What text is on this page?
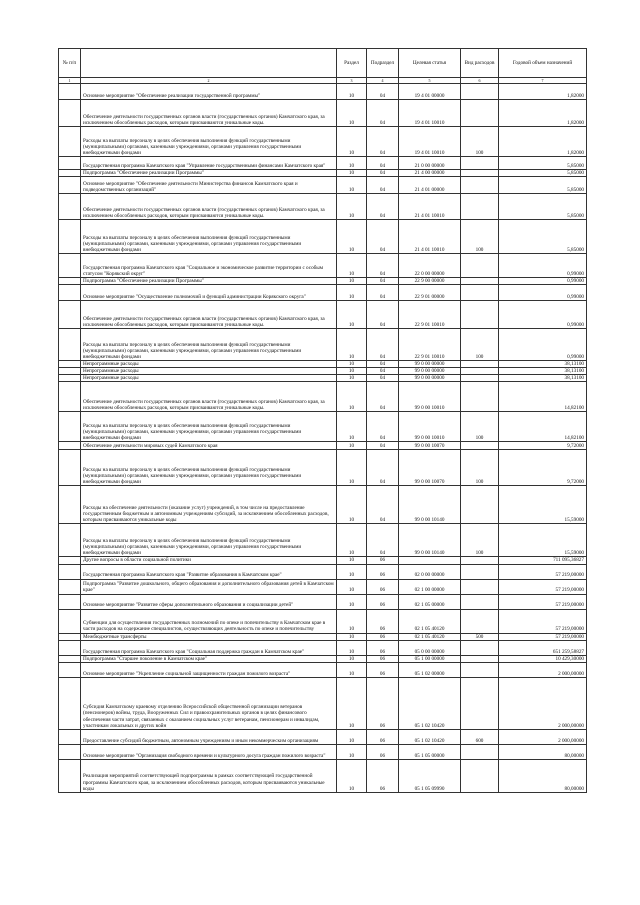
№ п/п		Раздел	Подраздел	Целевая статья	Вид расходов	Годовой объем назначений
1	2	3	4	5	6	7
	Основное мероприятие "Обеспечение реализации государственной программы"	10	04	19 4 01 00000		1,82000
	Обеспечение деятельности государственных органов власти (государственных органов) Камчатского края, за исключением обособленных расходов, которым присваиваются уникальные коды.	10	04	19 4 01 10010		1,82000
	Расходы на выплаты персоналу в целях обеспечения выполнения функций государственными (муниципальными) органами, казенными учреждениями, органами управления государственными внебюджетными фондами	10	04	19 4 01 10010	100	1,82000
	Государственная программа Камчатского края "Управление государственными финансами Камчатского края"	10	04	21 0 00 00000		5,85000
	Подпрограмма "Обеспечение реализации Программы"	10	04	21 4 00 00000		5,85000
	Основное мероприятие "Обеспечение деятельности Министерства финансов Камчатского края и подведомственных организаций"	10	04	21 4 01 00000		5,85000
	Обеспечение деятельности государственных органов власти (государственных органов) Камчатского края, за исключением обособленных расходов, которым присваиваются уникальные коды.	10	04	21 4 01 10010		5,85000
	Расходы на выплаты персоналу в целях обеспечения выполнения функций государственными (муниципальными) органами, казенными учреждениями, органами управления государственными внебюджетными фондами	10	04	21 4 01 10010	100	5,85000
	Государственная программа Камчатского края "Социальное и экономическое развитие территории с особым статусом "Корякский округ"	10	04	22 0 00 00000		0,99000
	Подпрограмма "Обеспечение реализации Программы"	10	04	22 9 00 00000		0,99000
	Основное мероприятие "Осуществление полномочий и функций администрации Корякского округа"	10	04	22 9 01 00000		0,99000
	Обеспечение деятельности государственных органов власти (государственных органов) Камчатского края, за исключением обособленных расходов, которым присваиваются уникальные коды.	10	04	22 9 01 10010		0,99000
	Расходы на выплаты персоналу в целях обеспечения выполнения функций государственными (муниципальными) органами, казенными учреждениями, органами управления государственными внебюджетными фондами	10	04	22 9 01 10010	100	0,99000
	Непрограммные расходы	10	04	99 0 00 00000		38,13100
	Непрограммные расходы	10	04	99 0 00 00000		38,13100
	Непрограммные расходы	10	04	99 0 00 00000		38,13100
	Обеспечение деятельности государственных органов власти (государственных органов) Камчатского края, за исключением обособленных расходов, которым присваиваются уникальные коды.	10	04	99 0 00 10010		14,82100
	Расходы на выплаты персоналу в целях обеспечения выполнения функций государственными (муниципальными) органами, казенными учреждениями, органами управления государственными внебюджетными фондами	10	04	99 0 00 10010	100	14,82100
	Обеспечение деятельности мировых судей Камчатского края	10	04	99 0 00 10070		9,72000
	Расходы на выплаты персоналу в целях обеспечения выполнения функций государственными (муниципальными) органами, казенными учреждениями, органами управления государственными внебюджетными фондами	10	04	99 0 00 10070	100	9,72000
	Расходы на обеспечение деятельности (оказание услуг) учреждений, в том числе на предоставление государственным бюджетным и автономным учреждениям субсидий, за исключением обособленных расходов, которым присваиваются уникальные коды	10	04	99 0 00 10140		15,59000
	Расходы на выплаты персоналу в целях обеспечения выполнения функций государственными (муниципальными) органами, казенными учреждениями, органами управления государственными внебюджетными фондами	10	04	99 0 00 10140	100	15,59000
	Другие вопросы в области социальной политики	10	06			711 095,36827
	Государственная программа Камчатского края "Развитие образования в Камчатском крае"	10	06	02 0 00 00000		57 219,00000
	Подпрограмма "Развитие дошкольного, общего образования и дополнительного образования детей в Камчатском крае"	10	06	02 1 00 00000		57 219,00000
	Основное мероприятие "Развитие сферы дополнительного образования и социализации детей"	10	06	02 1 05 00000		57 219,00000
	Субвенции для осуществления государственных полномочий по опеке и попечительству в Камчатском крае в части расходов на содержание специалистов, осуществляющих деятельность по опеке и попечительству	10	06	02 1 05 40120		57 219,00000
	Межбюджетные трансферты	10	06	02 1 05 40120	500	57 219,00000
	Государственная программа Камчатского края "Социальная поддержка граждан в Камчатском крае"	10	06	05 0 00 00000		651 259,58827
	Подпрограмма "Старшее поколение в Камчатском крае"	10	06	05 1 00 00000		10 429,30000
	Основное мероприятие "Укрепление социальной защищенности граждан пожилого возраста"	10	06	05 1 02 00000		2 000,00000
	Субсидия Камчатскому краевому отделению Всероссийской общественной организации ветеранов (пенсионеров) войны, труда, Вооруженных Сил и правоохранительных органов в целях финансового обеспечения части затрат, связанных с оказанием социальных услуг ветеранам, пенсионерам и инвалидам, участникам локальных и других войн	10	06	05 1 02 10420		2 000,00000
	Предоставление субсидий бюджетным, автономным учреждениям и иным некоммерческим организациям	10	06	05 1 02 10420	600	2 000,00000
	Основное мероприятие "Организация свободного времени и культурного досуга граждан пожилого возраста"	10	06	05 1 05 00000		80,00000
	Реализация мероприятий соответствующей подпрограммы в рамках соответствующей государственной программы Камчатского края, за исключением обособленных расходов, которым присваиваются уникальные коды	10	06	05 1 05 09990		80,00000
